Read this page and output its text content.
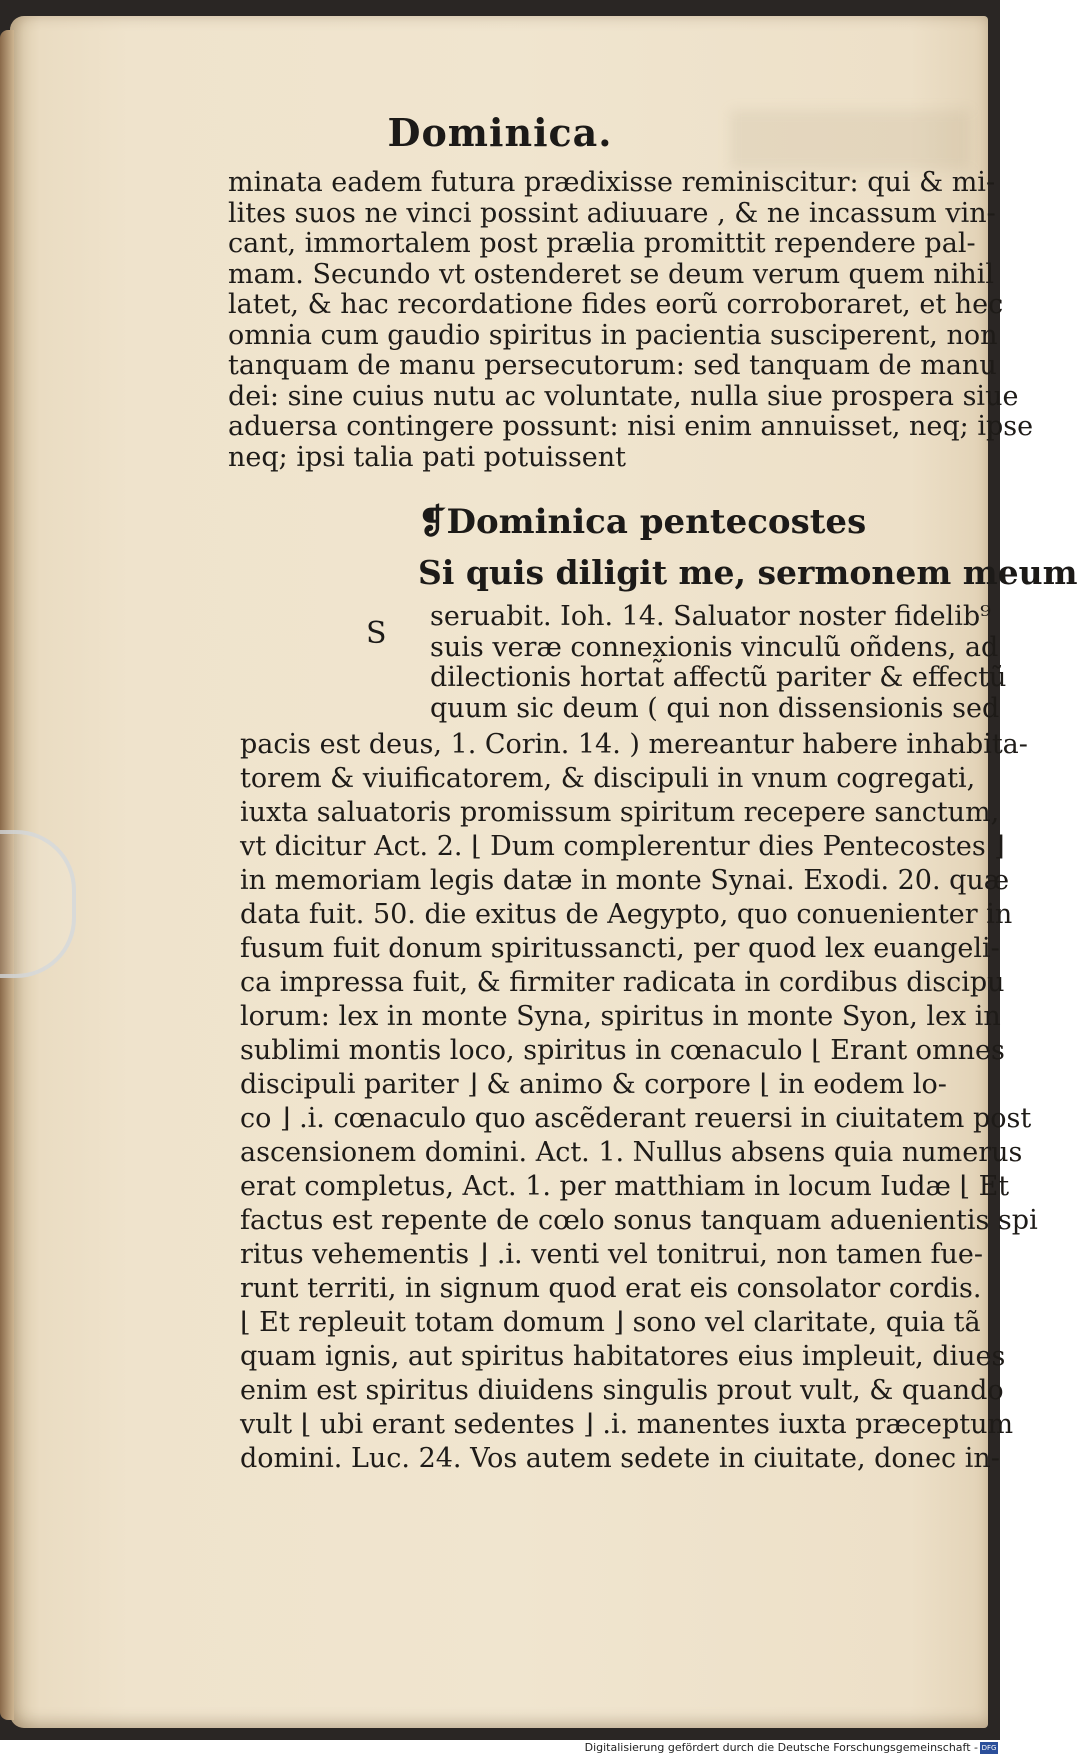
Dominica.
minata eadem futura prædixisse reminiscitur: qui & mi-
lites suos ne vinci possint adiuuare , & ne incassum vin-
cant, immortalem post prælia promittit rependere pal-
mam. Secundo vt ostenderet se deum verum quem nihil
latet, & hac recordatione fides eorũ corroboraret, et hec
omnia cum gaudio spiritus in pacientia susciperent, non
tanquam de manu persecutorum: sed tanquam de manu
dei: sine cuius nutu ac voluntate, nulla siue prospera siue
aduersa contingere possunt: nisi enim annuisset, neq; ipse
neq; ipsi talia pati potuissent
❡Dominica pentecostes
Si quis diligit me, sermonem meum
S seruabit. Ioh. 14. Saluator noster fidelib⁹
suis veræ connexionis vinculũ oñdens, ad
dilectionis hortat̃ affectũ pariter & effectũ
quum sic deum ( qui non dissensionis sed
pacis est deus, 1. Corin. 14. ) mereantur habere inhabita-
torem & viuificatorem, & discipuli in vnum cogregati,
iuxta saluatoris promissum spiritum recepere sanctum,
vt dicitur Act. 2. ⌊ Dum complerentur dies Pentecostes ⌋
in memoriam legis datæ in monte Synai. Exodi. 20. quæ
data fuit. 50. die exitus de Aegypto, quo conuenienter in
fusum fuit donum spiritussancti, per quod lex euangeli-
ca impressa fuit, & firmiter radicata in cordibus discipu
lorum: lex in monte Syna, spiritus in monte Syon, lex in
sublimi montis loco, spiritus in cœnaculo ⌊ Erant omnes
discipuli pariter ⌋ & animo & corpore ⌊ in eodem lo-
co ⌋ .i. cœnaculo quo ascẽderant reuersi in ciuitatem post
ascensionem domini. Act. 1. Nullus absens quia numerus
erat completus, Act. 1. per matthiam in locum Iudæ ⌊ Et
factus est repente de cœlo sonus tanquam aduenientis spi
ritus vehementis ⌋ .i. venti vel tonitrui, non tamen fue-
runt territi, in signum quod erat eis consolator cordis.
⌊ Et repleuit totam domum ⌋ sono vel claritate, quia tã
quam ignis, aut spiritus habitatores eius impleuit, diues
enim est spiritus diuidens singulis prout vult, & quando
vult ⌊ ubi erant sedentes ⌋ .i. manentes iuxta præceptum
domini. Luc. 24. Vos autem sedete in ciuitate, donec in-
Digitalisierung gefördert durch die Deutsche Forschungsgemeinschaft - DFG
